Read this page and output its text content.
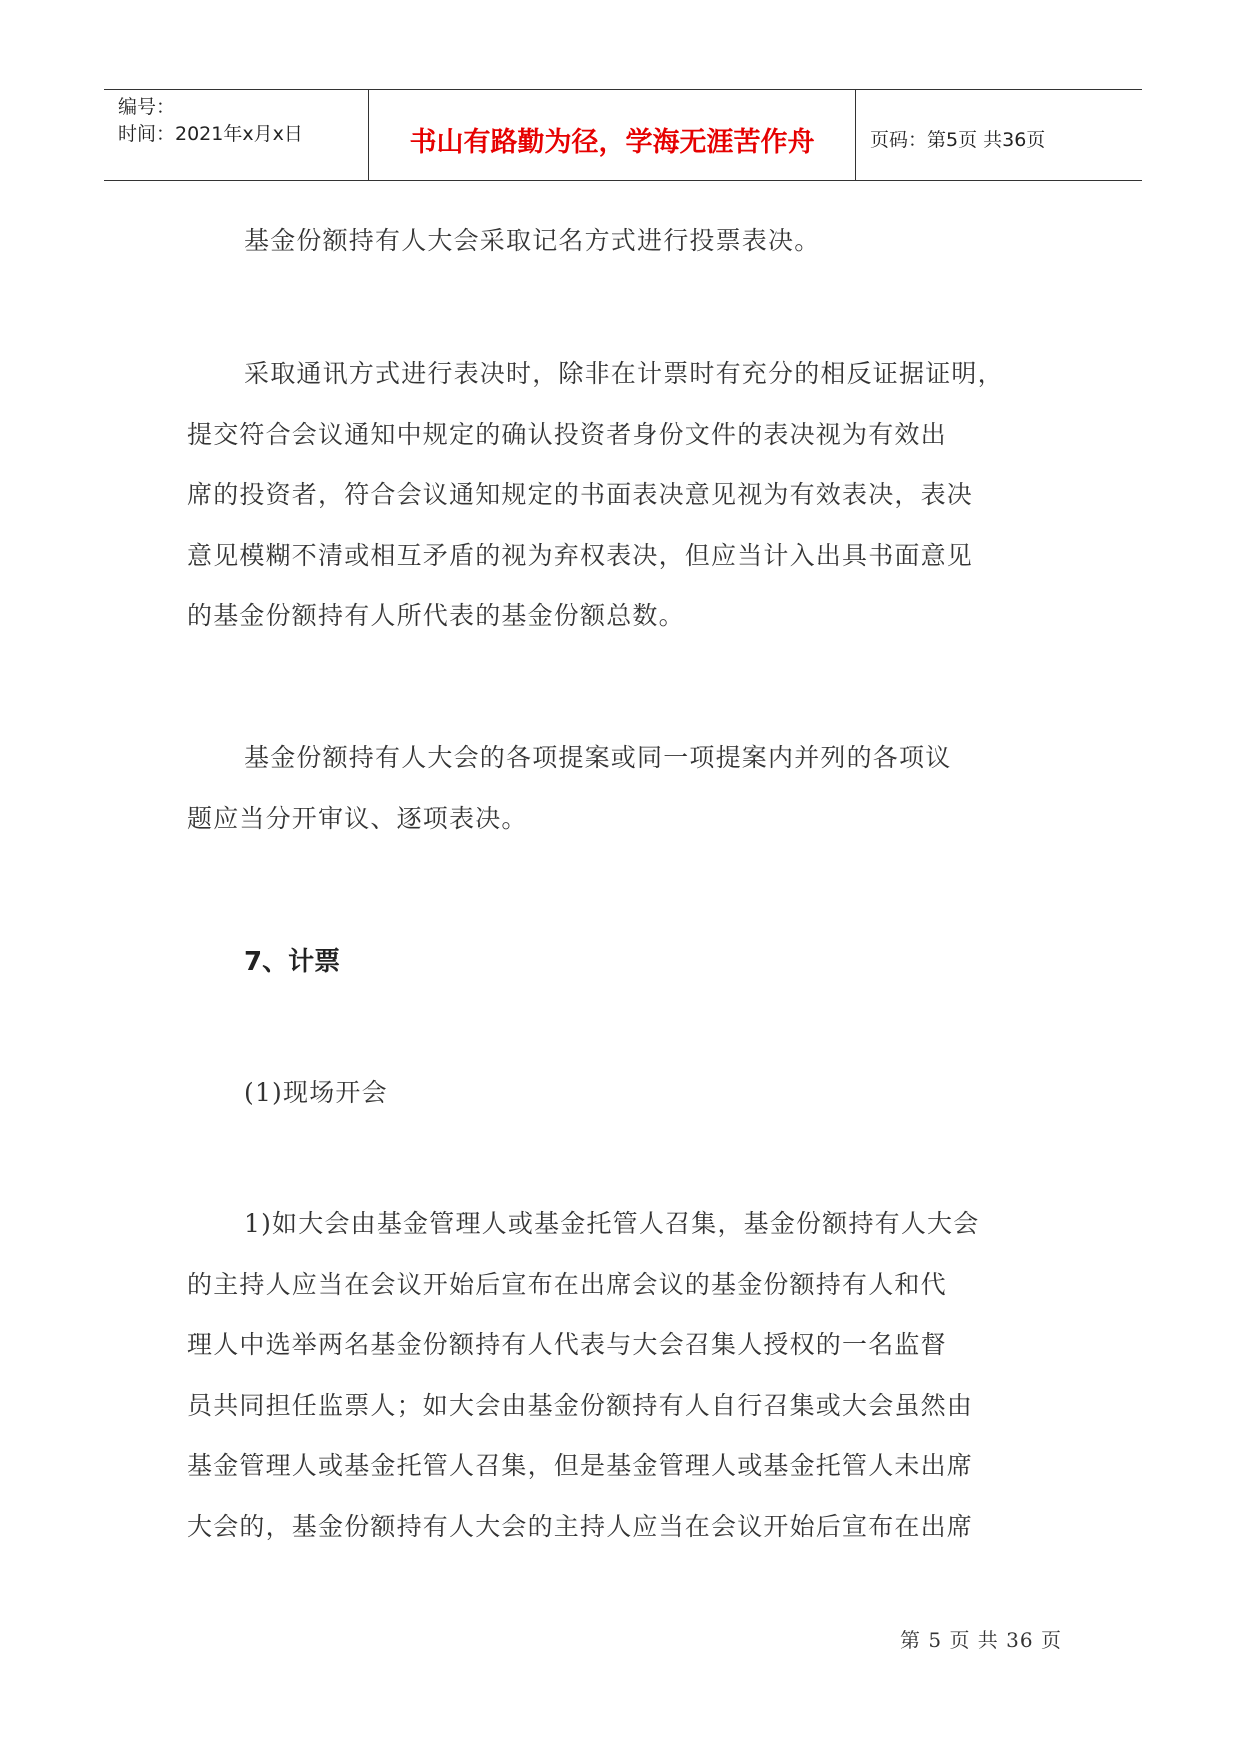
编号：
时间：2021年x月x日	书山有路勤为径，学海无涯苦作舟	页码：第5页 共36页
基金份额持有人大会采取记名方式进行投票表决。
采取通讯方式进行表决时，除非在计票时有充分的相反证据证明，
提交符合会议通知中规定的确认投资者身份文件的表决视为有效出
席的投资者，符合会议通知规定的书面表决意见视为有效表决，表决
意见模糊不清或相互矛盾的视为弃权表决，但应当计入出具书面意见
的基金份额持有人所代表的基金份额总数。
基金份额持有人大会的各项提案或同一项提案内并列的各项议
题应当分开审议、逐项表决。
7、计票
(1)现场开会
1)如大会由基金管理人或基金托管人召集，基金份额持有人大会
的主持人应当在会议开始后宣布在出席会议的基金份额持有人和代
理人中选举两名基金份额持有人代表与大会召集人授权的一名监督
员共同担任监票人；如大会由基金份额持有人自行召集或大会虽然由
基金管理人或基金托管人召集，但是基金管理人或基金托管人未出席
大会的，基金份额持有人大会的主持人应当在会议开始后宣布在出席
第 5 页 共 36 页
